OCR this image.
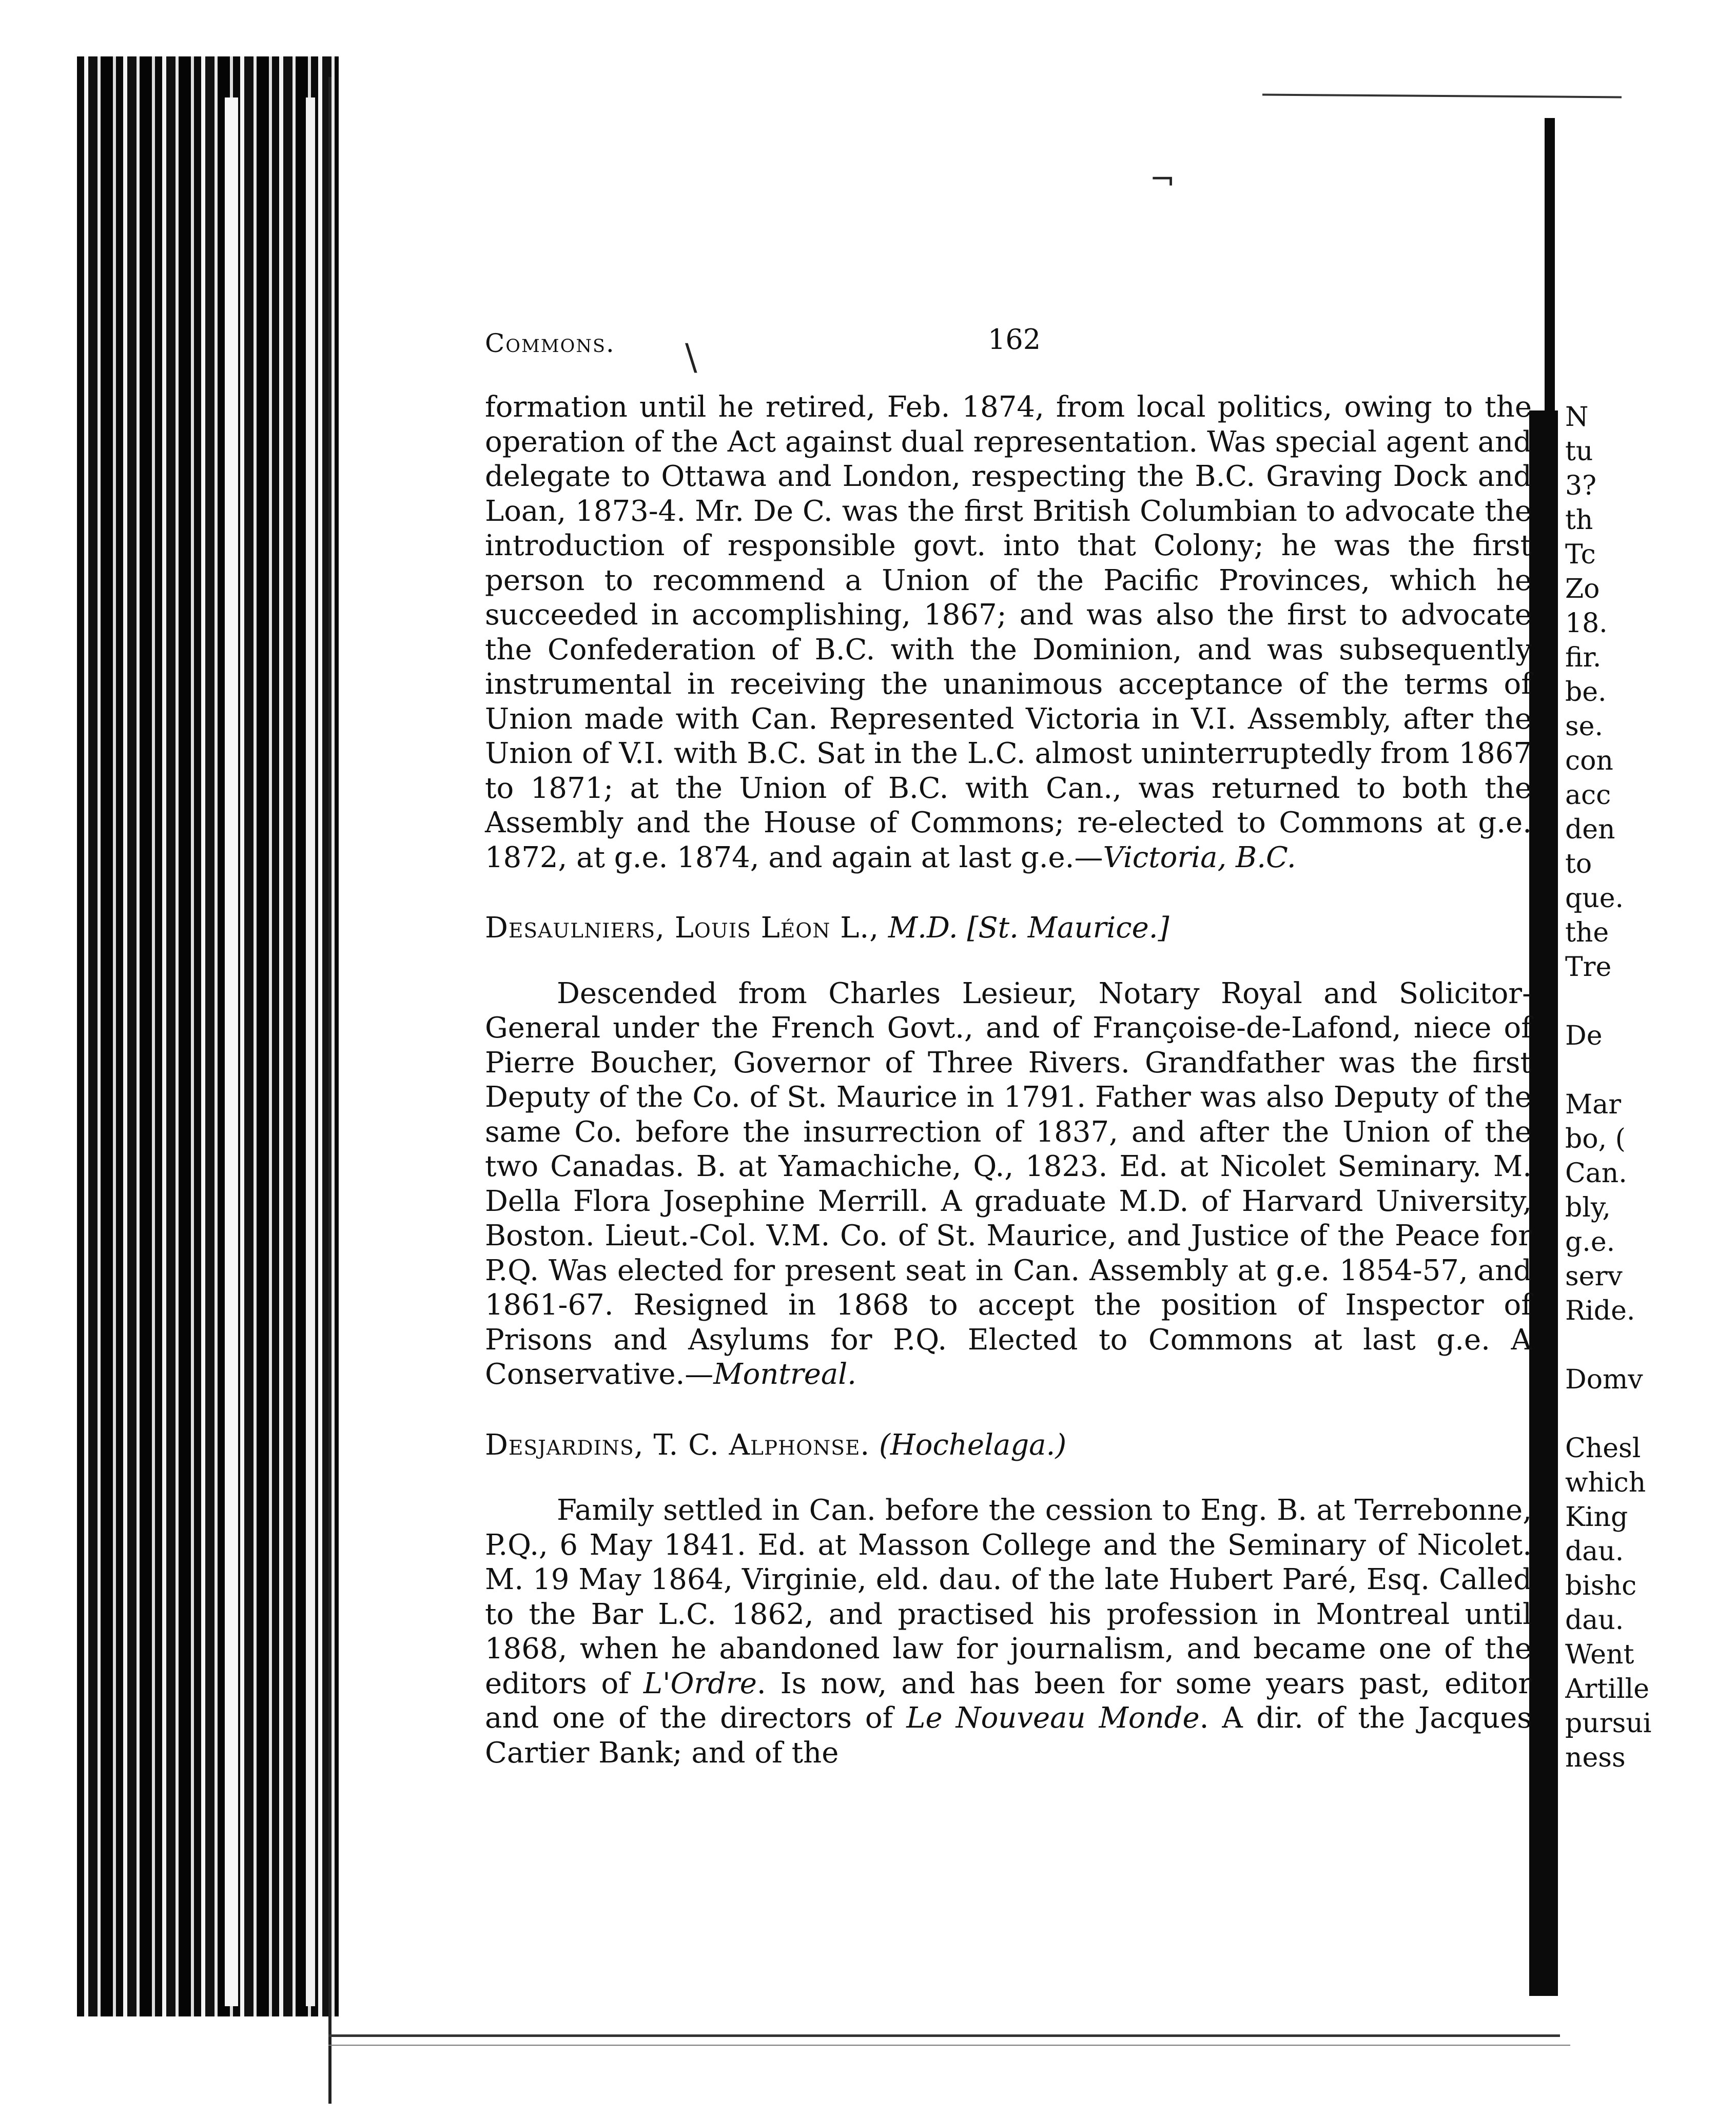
Commons.	162

formation until he retired, Feb. 1874, from local politics, owing to the operation of the Act against dual representation. Was special agent and delegate to Ottawa and London, respecting the B.C. Graving Dock and Loan, 1873-4. Mr. De C. was the first British Columbian to advocate the introduction of responsible govt. into that Colony; he was the first person to recommend a Union of the Pacific Provinces, which he succeeded in accomplishing, 1867; and was also the first to advocate the Confederation of B.C. with the Dominion, and was subsequently instrumental in receiving the unanimous acceptance of the terms of Union made with Can. Represented Victoria in V.I. Assembly, after the Union of V.I. with B.C. Sat in the L.C. almost uninterruptedly from 1867 to 1871; at the Union of B.C. with Can., was returned to both the Assembly and the House of Commons; re-elected to Commons at g.e. 1872, at g.e. 1874, and again at last g.e.—Victoria, B.C.

Desaulniers, Louis Léon L., M.D. [St. Maurice.]

Descended from Charles Lesieur, Notary Royal and Solicitor-General under the French Govt., and of Françoise-de-Lafond, niece of Pierre Boucher, Governor of Three Rivers. Grandfather was the first Deputy of the Co. of St. Maurice in 1791. Father was also Deputy of the same Co. before the insurrection of 1837, and after the Union of the two Canadas. B. at Yamachiche, Q., 1823. Ed. at Nicolet Seminary. M. Della Flora Josephine Merrill. A graduate M.D. of Harvard University, Boston. Lieut.-Col. V.M. Co. of St. Maurice, and Justice of the Peace for P.Q. Was elected for present seat in Can. Assembly at g.e. 1854-57, and 1861-67. Resigned in 1868 to accept the position of Inspector of Prisons and Asylums for P.Q. Elected to Commons at last g.e. A Conservative.—Montreal.

Desjardins, T. C. Alphonse. (Hochelaga.)

Family settled in Can. before the cession to Eng. B. at Terrebonne, P.Q., 6 May 1841. Ed. at Masson College and the Seminary of Nicolet. M. 19 May 1864, Virginie, eld. dau. of the late Hubert Paré, Esq. Called to the Bar L.C. 1862, and practised his profession in Montreal until 1868, when he abandoned law for journalism, and became one of the editors of L'Ordre. Is now, and has been for some years past, editor and one of the directors of Le Nouveau Monde. A dir. of the Jacques Cartier Bank; and of the

N
tu
3?
th
Tc
Zo
18.
fir.
be.
se.
con
acc
den
to
que.
the
Tre
De
Mar
bo, (
Can.
bly,
g.e.
serv
Ride.
Domv
Chesl
which
King
dau.
bishc
dau.
Went
Artille
pursui
ness
¬
\
